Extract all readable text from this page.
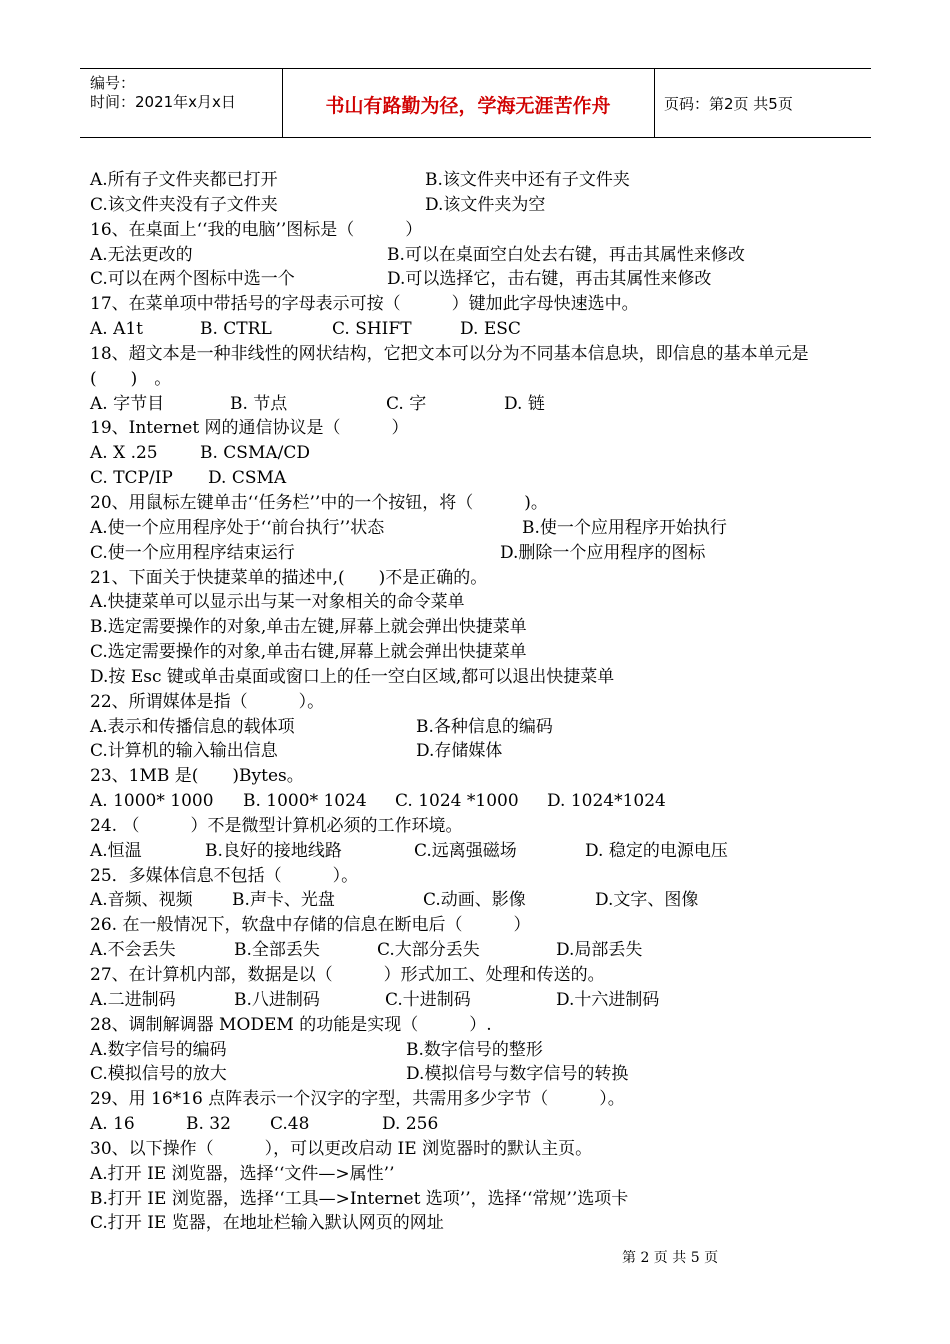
编号：
时间：2021年x月x日	书山有路勤为径，学海无涯苦作舟	页码：第2页 共5页
A.所有子文件夹都已打开	B.该文件夹中还有子文件夹
C.该文件夹没有子文件夹	D.该文件夹为空
16、在桌面上‘‘我的电脑’’图标是（　　　）
A.无法更改的	B.可以在桌面空白处去右键，再击其属性来修改
C.可以在两个图标中选一个	D.可以选择它，击右键，再击其属性来修改
17、在菜单项中带括号的字母表示可按（　　　）键加此字母快速选中。
A. A1t	B. CTRL	C. SHIFT	D. ESC
18、超文本是一种非线性的网状结构，它把文本可以分为不同基本信息块，即信息的基本单元是(　　)　。
A. 字节目	B. 节点	C. 字	D. 链
19、Internet 网的通信协议是（　　　）
A. X .25 B. CSMA/CD
C. TCP/IP D. CSMA
20、用鼠标左键单击‘‘任务栏’’中的一个按钮，将（　　　)。
A.使一个应用程序处于‘‘前台执行’’状态	B.使一个应用程序开始执行
C.使一个应用程序结束运行	D.删除一个应用程序的图标
21、下面关于快捷菜单的描述中,(　　)不是正确的。
A.快捷菜单可以显示出与某一对象相关的命令菜单
B.选定需要操作的对象,单击左键,屏幕上就会弹出快捷菜单
C.选定需要操作的对象,单击右键,屏幕上就会弹出快捷菜单
D.按 Esc 键或单击桌面或窗口上的任一空白区域,都可以退出快捷菜单
22、所谓媒体是指（　　　）。
A.表示和传播信息的载体项	B.各种信息的编码
C.计算机的输入输出信息	D.存储媒体
23、1MB 是(　　)Bytes。
A. 1000* 1000 B. 1000* 1024 C. 1024 *1000 D. 1024*1024
24. （　　　）不是微型计算机必须的工作环境。
A.恒温	B.良好的接地线路	C.远离强磁场	D. 稳定的电源电压
25．多媒体信息不包括（　　　）。
A.音频、视频 B.声卡、光盘	C.动画、影像	D.文字、图像
26. 在一般情况下，软盘中存储的信息在断电后（　　　）
A.不会丢失	B.全部丢失	C.大部分丢失	D.局部丢失
27、在计算机内部，数据是以（　　　）形式加工、处理和传送的。
A.二进制码	B.八进制码	C.十进制码	D.十六进制码
28、调制解调器 MODEM 的功能是实现（　　　）.
A.数字信号的编码	B.数字信号的整形
C.模拟信号的放大	D.模拟信号与数字信号的转换
29、用 16*16 点阵表示一个汉字的字型，共需用多少字节（　　　）。
A. 16	B. 32 C.48	D. 256
30、以下操作（　　　），可以更改启动 IE 浏览器时的默认主页。
A.打开 IE 浏览器，选择‘‘文件—>属性’’
B.打开 IE 浏览器，选择‘‘工具—>Internet 选项’’，选择‘‘常规’’选项卡
C.打开 IE 览器，在地址栏输入默认网页的网址
第 2 页 共 5 页
